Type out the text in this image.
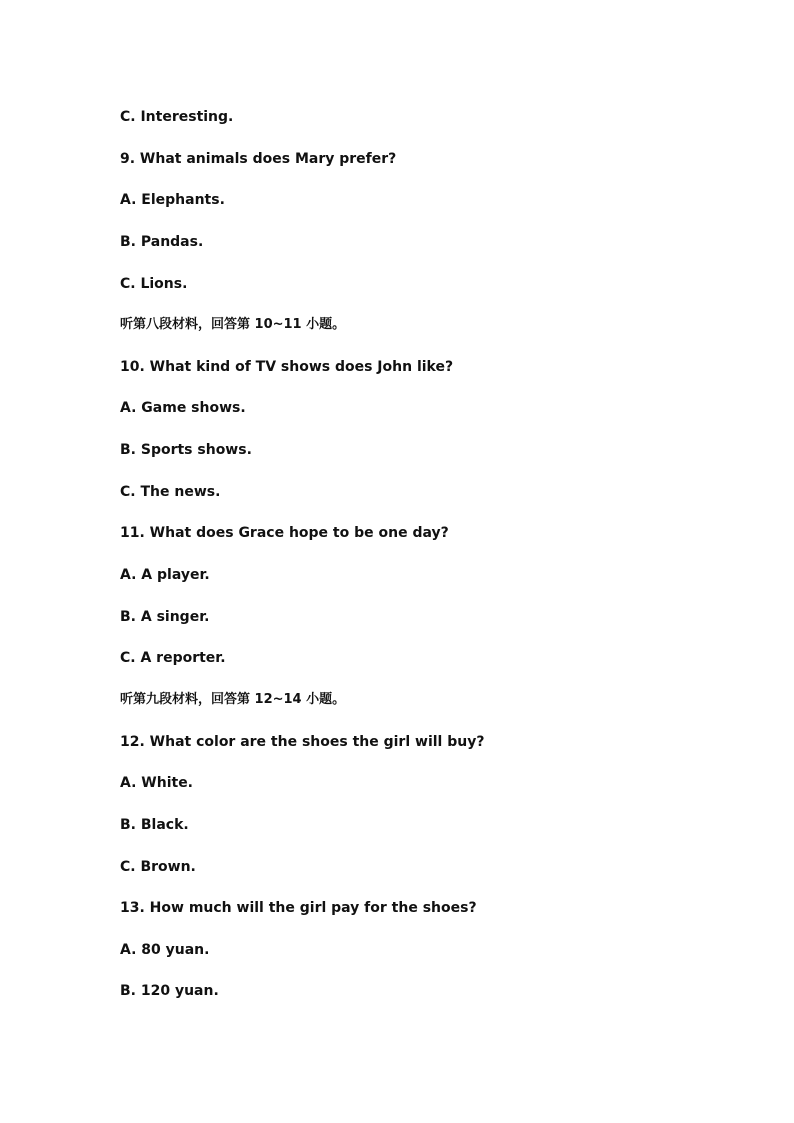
C. Interesting.
9. What animals does Mary prefer?
A. Elephants.
B. Pandas.
C. Lions.
听第八段材料，回答第 10~11 小题。
10. What kind of TV shows does John like?
A. Game shows.
B. Sports shows.
C. The news.
11. What does Grace hope to be one day?
A. A player.
B. A singer.
C. A reporter.
听第九段材料，回答第 12~14 小题。
12. What color are the shoes the girl will buy?
A. White.
B. Black.
C. Brown.
13. How much will the girl pay for the shoes?
A. 80 yuan.
B. 120 yuan.
